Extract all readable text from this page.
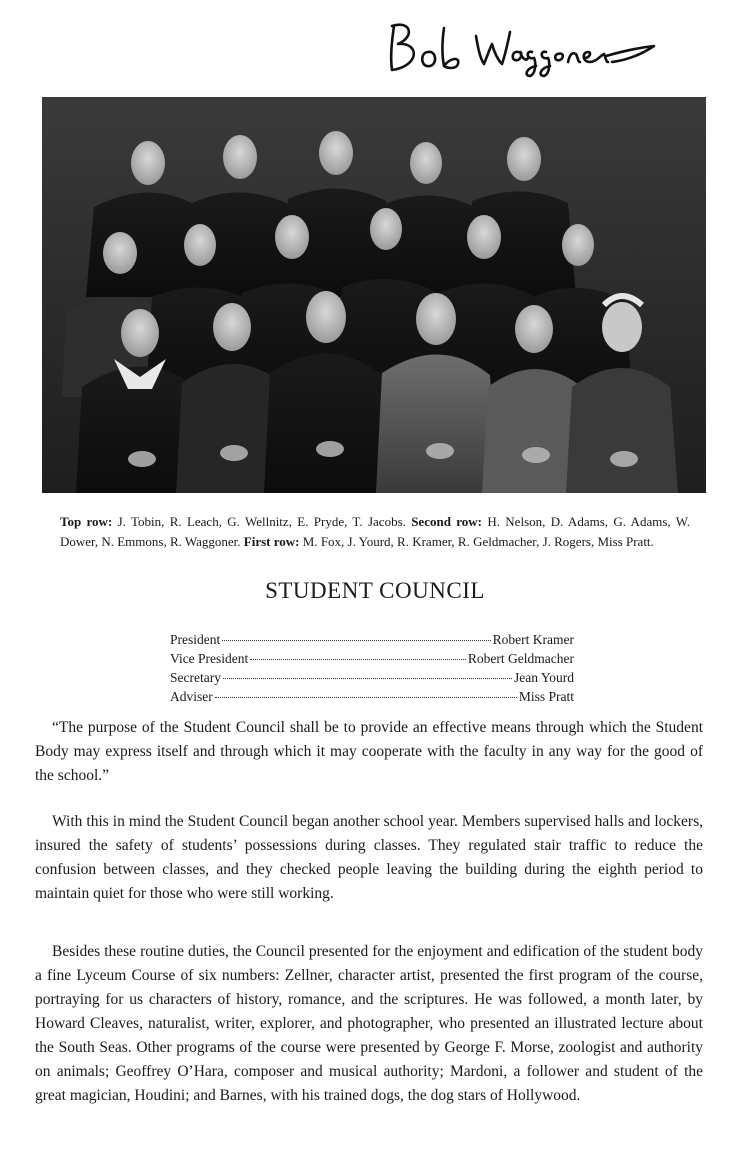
Top row: J. Tobin, R. Leach, G. Wellnitz, E. Pryde, T. Jacobs. Second row: H. Nelson, D. Adams, G. Adams, W. Dower, N. Emmons, R. Waggoner. First row: M. Fox, J. Yourd, R. Kramer, R. Geldmacher, J. Rogers, Miss Pratt.
STUDENT COUNCIL
President	Robert Kramer
Vice President	Robert Geldmacher
Secretary	Jean Yourd
Adviser	Miss Pratt

“The purpose of the Student Council shall be to provide an effective means through which the Student Body may express itself and through which it may cooperate with the faculty in any way for the good of the school.”

With this in mind the Student Council began another school year. Members supervised halls and lockers, insured the safety of students’ possessions during classes. They regulated stair traffic to reduce the confusion between classes, and they checked people leaving the building during the eighth period to maintain quiet for those who were still working.

Besides these routine duties, the Council presented for the enjoyment and edification of the student body a fine Lyceum Course of six numbers: Zellner, character artist, presented the first program of the course, portraying for us characters of history, romance, and the scriptures. He was followed, a month later, by Howard Cleaves, naturalist, writer, explorer, and photographer, who presented an illustrated lecture about the South Seas. Other programs of the course were presented by George F. Morse, zoologist and authority on animals; Geoffrey O’Hara, composer and musical authority; Mardoni, a follower and student of the great magician, Houdini; and Barnes, with his trained dogs, the dog stars of Hollywood.
